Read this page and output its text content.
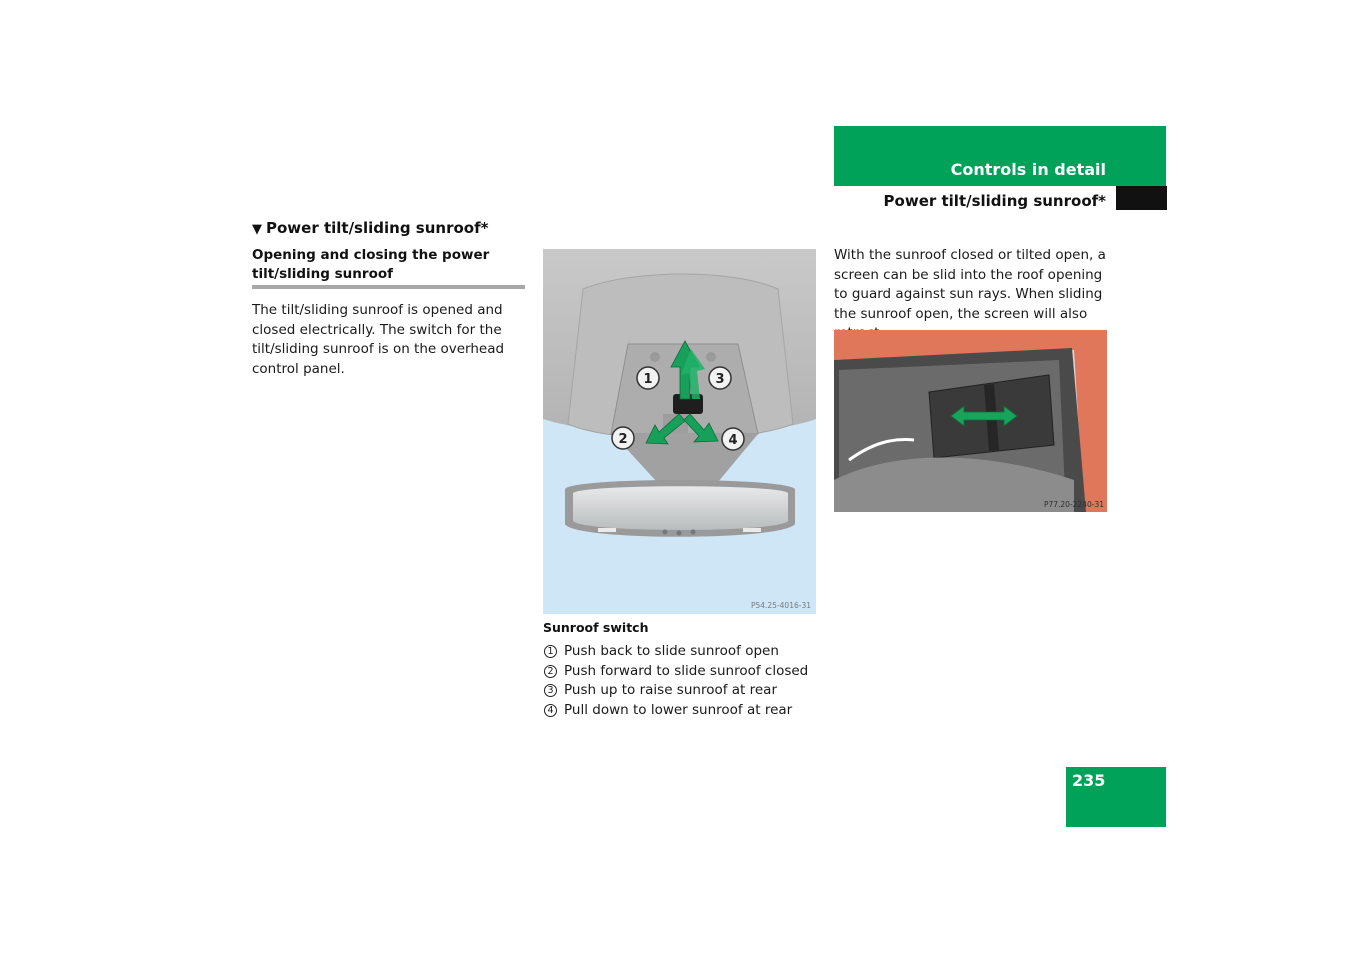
Controls in detail
Power tilt/sliding sunroof*
▼ Power tilt/sliding sunroof*
Opening and closing the power tilt/sliding sunroof
The tilt/sliding sunroof is opened and closed electrically. The switch for the tilt/sliding sunroof is on the overhead control panel.
1	3
2	4
P54.25-4016-31
Sunroof switch
1 Push back to slide sunroof open
2 Push forward to slide sunroof closed
3 Push up to raise sunroof at rear
4 Pull down to lower sunroof at rear
With the sunroof closed or tilted open, a screen can be slid into the roof opening to guard against sun rays. When sliding the sunroof open, the screen will also
P77.20-2240-31
235
